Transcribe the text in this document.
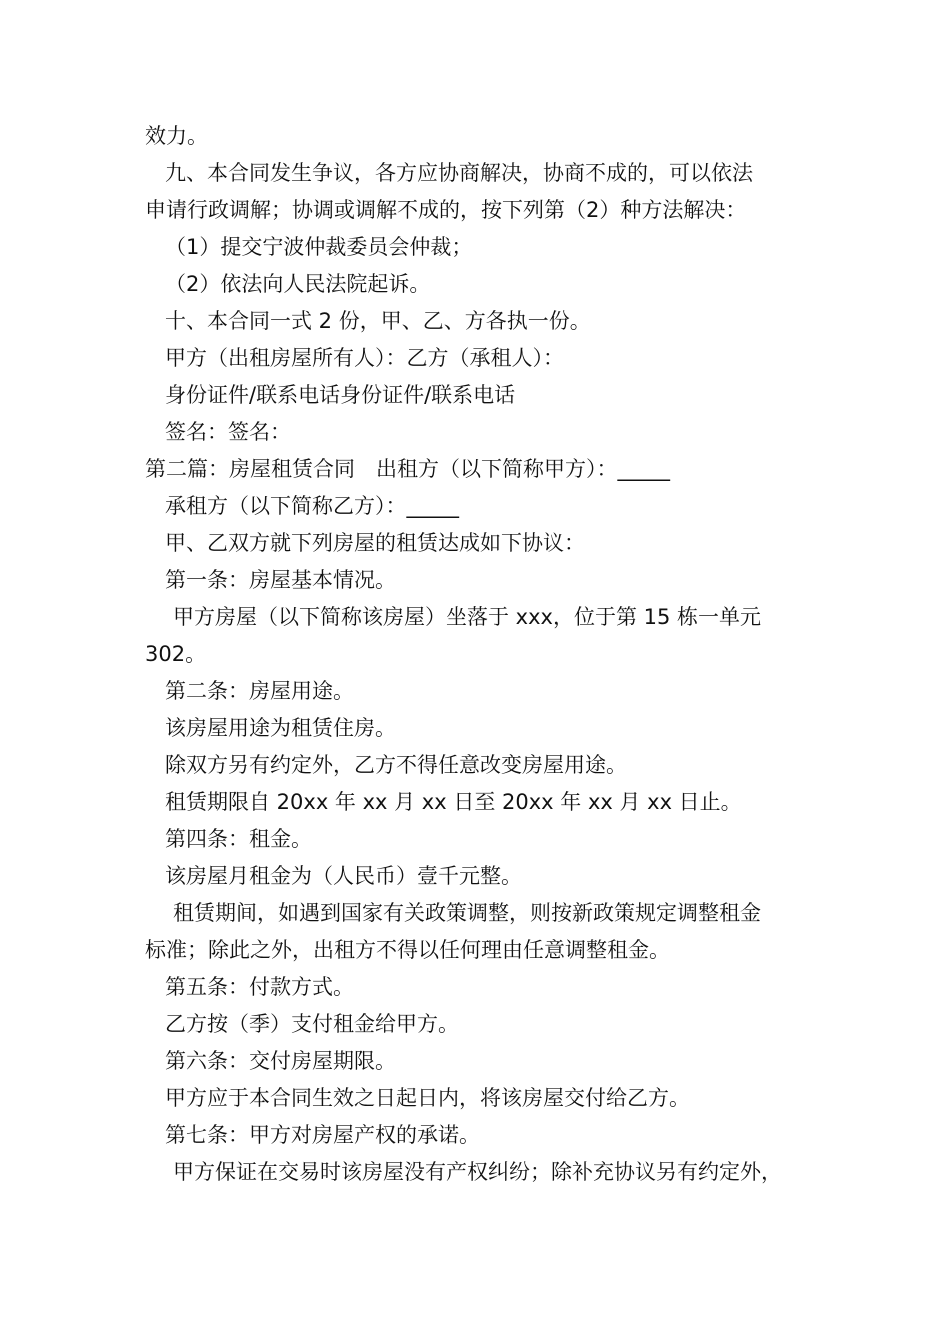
效力。
九、本合同发生争议，各方应协商解决，协商不成的，可以依法
申请行政调解；协调或调解不成的，按下列第（2）种方法解决：
（1）提交宁波仲裁委员会仲裁；
（2）依法向人民法院起诉。
十、本合同一式 2 份，甲、乙、方各执一份。
甲方（出租房屋所有人）：乙方（承租人）：
身份证件/联系电话身份证件/联系电话
签名：签名：
第二篇：房屋租赁合同　出租方（以下简称甲方）：_____
承租方（以下简称乙方）：_____
甲、乙双方就下列房屋的租赁达成如下协议：
第一条：房屋基本情况。
甲方房屋（以下简称该房屋）坐落于 xxx，位于第 15 栋一单元
302。
第二条：房屋用途。
该房屋用途为租赁住房。
除双方另有约定外，乙方不得任意改变房屋用途。
租赁期限自 20xx 年 xx 月 xx 日至 20xx 年 xx 月 xx 日止。
第四条：租金。
该房屋月租金为（人民币）壹千元整。
租赁期间，如遇到国家有关政策调整，则按新政策规定调整租金
标准；除此之外，出租方不得以任何理由任意调整租金。
第五条：付款方式。
乙方按（季）支付租金给甲方。
第六条：交付房屋期限。
甲方应于本合同生效之日起日内，将该房屋交付给乙方。
第七条：甲方对房屋产权的承诺。
甲方保证在交易时该房屋没有产权纠纷；除补充协议另有约定外，
